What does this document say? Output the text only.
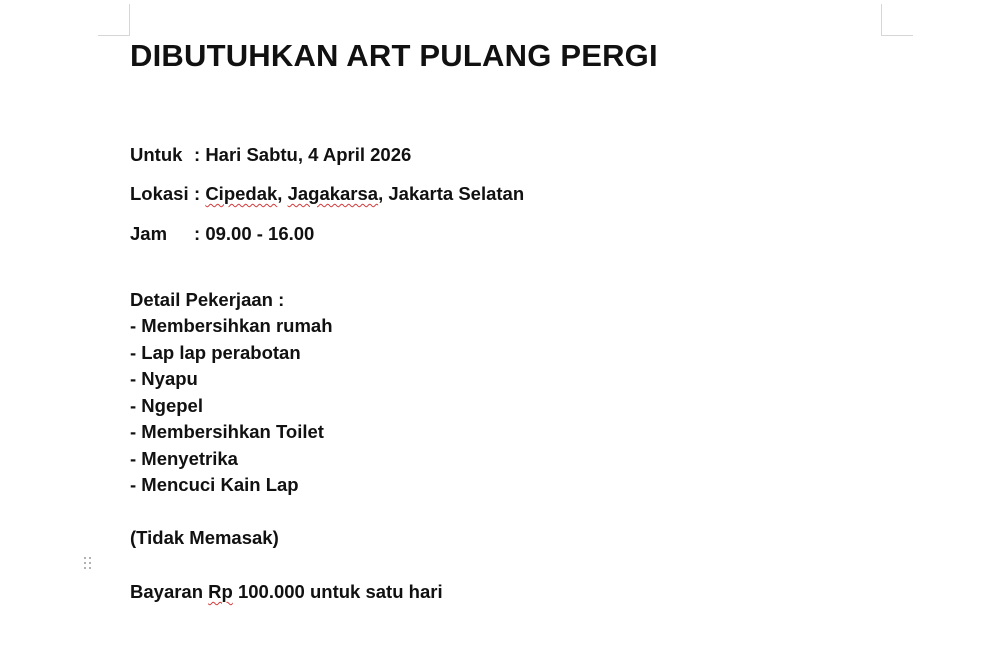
DIBUTUHKAN ART PULANG PERGI
Untuk : Hari Sabtu, 4 April 2026
Lokasi : Cipedak, Jagakarsa, Jakarta Selatan
Jam : 09.00 - 16.00
Detail Pekerjaan :
- Membersihkan rumah
- Lap lap perabotan
- Nyapu
- Ngepel
- Membersihkan Toilet
- Menyetrika
- Mencuci Kain Lap
(Tidak Memasak)
Bayaran Rp 100.000 untuk satu hari
